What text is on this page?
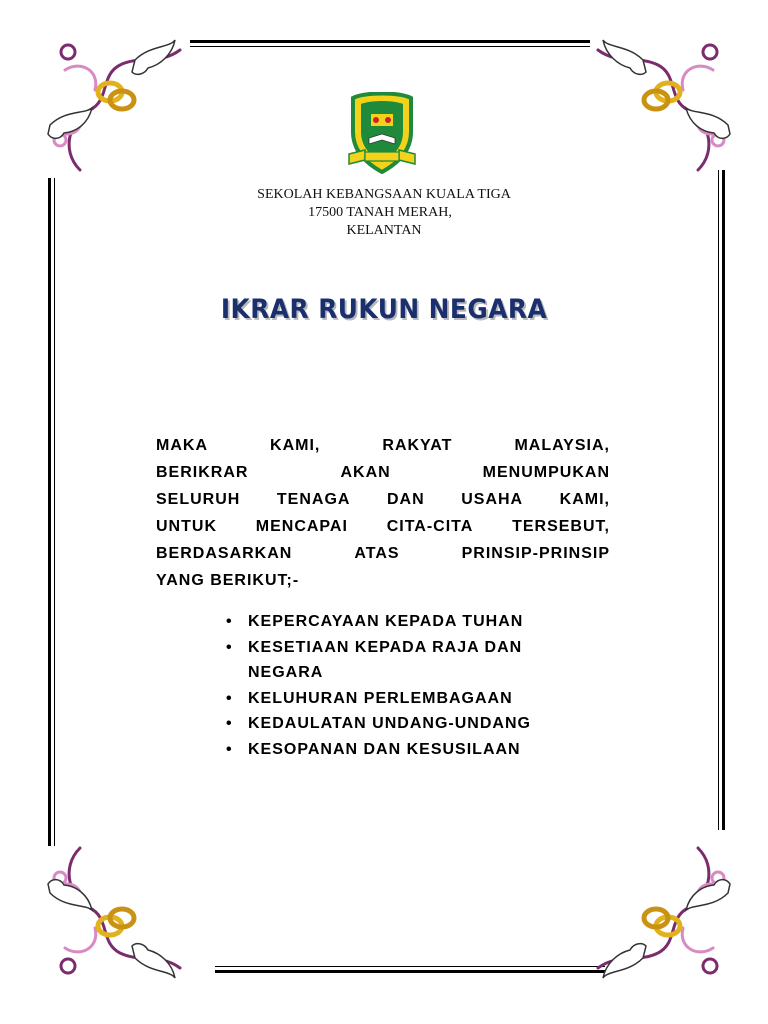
SEKOLAH KEBANGSAAN KUALA TIGA
17500 TANAH MERAH,
KELANTAN
IKRAR RUKUN NEGARA
MAKA	KAMI,	RAKYAT	MALAYSIA,
BERIKRAR	AKAN	MENUMPUKAN
SELURUH TENAGA DAN USAHA KAMI,
UNTUK MENCAPAI CITA-CITA TERSEBUT,
BERDASARKAN	ATAS	PRINSIP-PRINSIP
YANG BERIKUT;-
• KEPERCAYAAN KEPADA TUHAN
• KESETIAAN KEPADA RAJA DAN NEGARA
• KELUHURAN PERLEMBAGAAN
• KEDAULATAN UNDANG-UNDANG
• KESOPANAN DAN KESUSILAAN
